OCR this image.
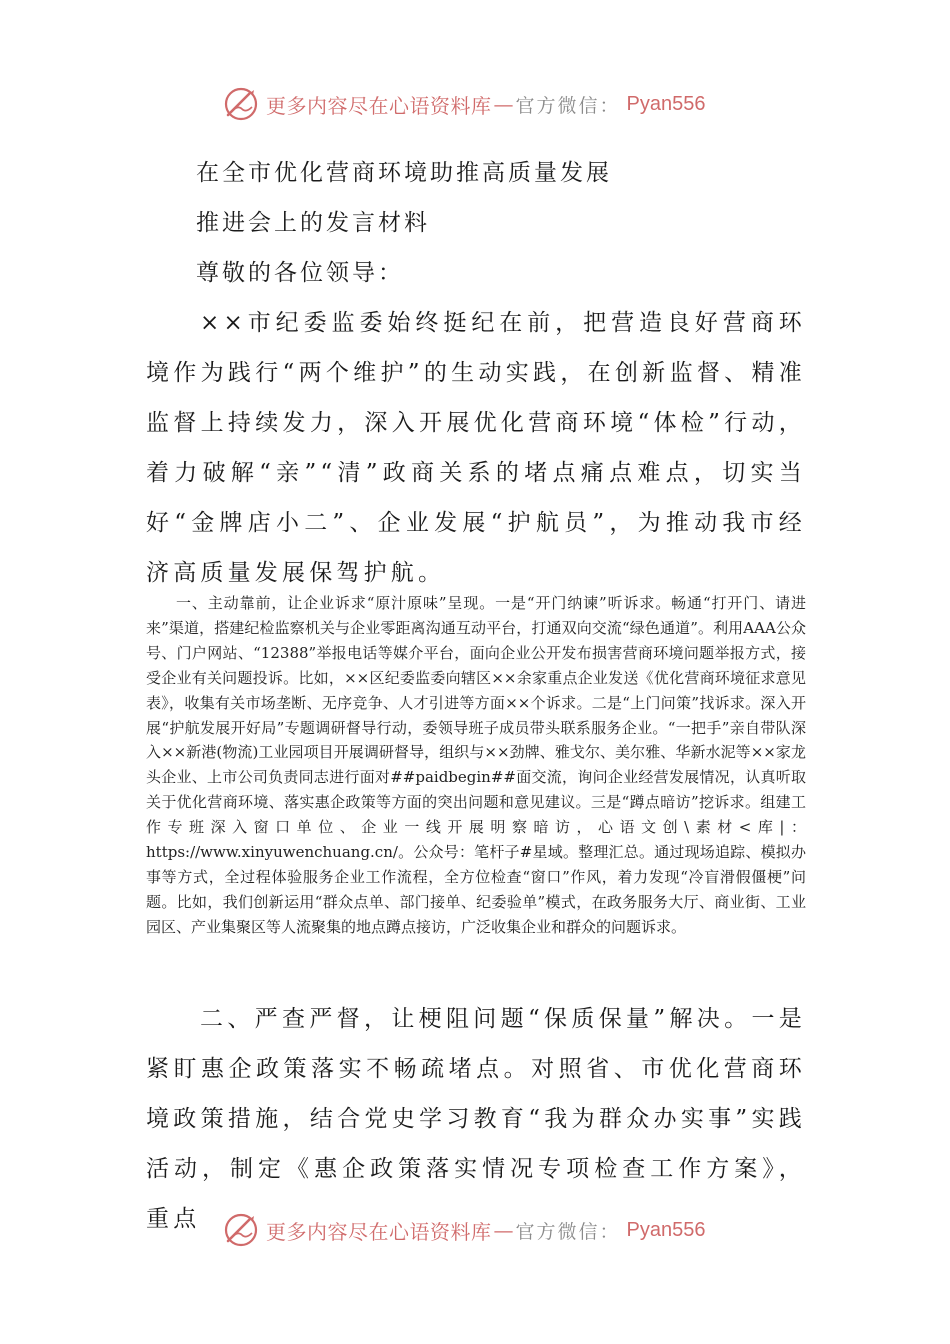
更多内容尽在心语资料库 — 官方微信： Pyan556

在全市优化营商环境助推高质量发展

推进会上的发言材料

尊敬的各位领导：

××市纪委监委始终挺纪在前，把营造良好营商环境作为践行“两个维护”的生动实践，在创新监督、精准监督上持续发力，深入开展优化营商环境“体检”行动，着力破解“亲”“清”政商关系的堵点痛点难点，切实当好“金牌店小二”、企业发展“护航员”，为推动我市经济高质量发展保驾护航。

一、主动靠前，让企业诉求“原汁原味”呈现。一是“开门纳谏”听诉求。畅通“打开门、请进来”渠道，搭建纪检监察机关与企业零距离沟通互动平台，打通双向交流“绿色通道”。利用AAA公众号、门户网站、“12388”举报电话等媒介平台，面向企业公开发布损害营商环境问题举报方式，接受企业有关问题投诉。比如，××区纪委监委向辖区××余家重点企业发送《优化营商环境征求意见表》，收集有关市场垄断、无序竞争、人才引进等方面××个诉求。二是“上门问策”找诉求。深入开展“护航发展开好局”专题调研督导行动，委领导班子成员带头联系服务企业。“一把手”亲自带队深入××新港(物流)工业园项目开展调研督导，组织与××劲牌、雅戈尔、美尔雅、华新水泥等××家龙头企业、上市公司负责同志进行面对##paidbegin##面交流，询问企业经营发展情况，认真听取关于优化营商环境、落实惠企政策等方面的突出问题和意见建议。三是“蹲点暗访”挖诉求。组建工作专班深入窗口单位、企业一线开展明察暗访，心语文创\素材<库|：https://www.xinyuwenchuang.cn/。公众号：笔杆子#星域。整理汇总。通过现场追踪、模拟办事等方式，全过程体验服务企业工作流程，全方位检查“窗口”作风，着力发现“冷盲滑假僵梗”问题。比如，我们创新运用“群众点单、部门接单、纪委验单”模式，在政务服务大厅、商业街、工业园区、产业集聚区等人流聚集的地点蹲点接访，广泛收集企业和群众的问题诉求。

二、严查严督，让梗阻问题“保质保量”解决。一是紧盯惠企政策落实不畅疏堵点。对照省、市优化营商环境政策措施，结合党史学习教育“我为群众办实事”实践活动，制定《惠企政策落实情况专项检查工作方案》，重点	更多内容尽在心语资料库 — 官方微信： Pyan556
